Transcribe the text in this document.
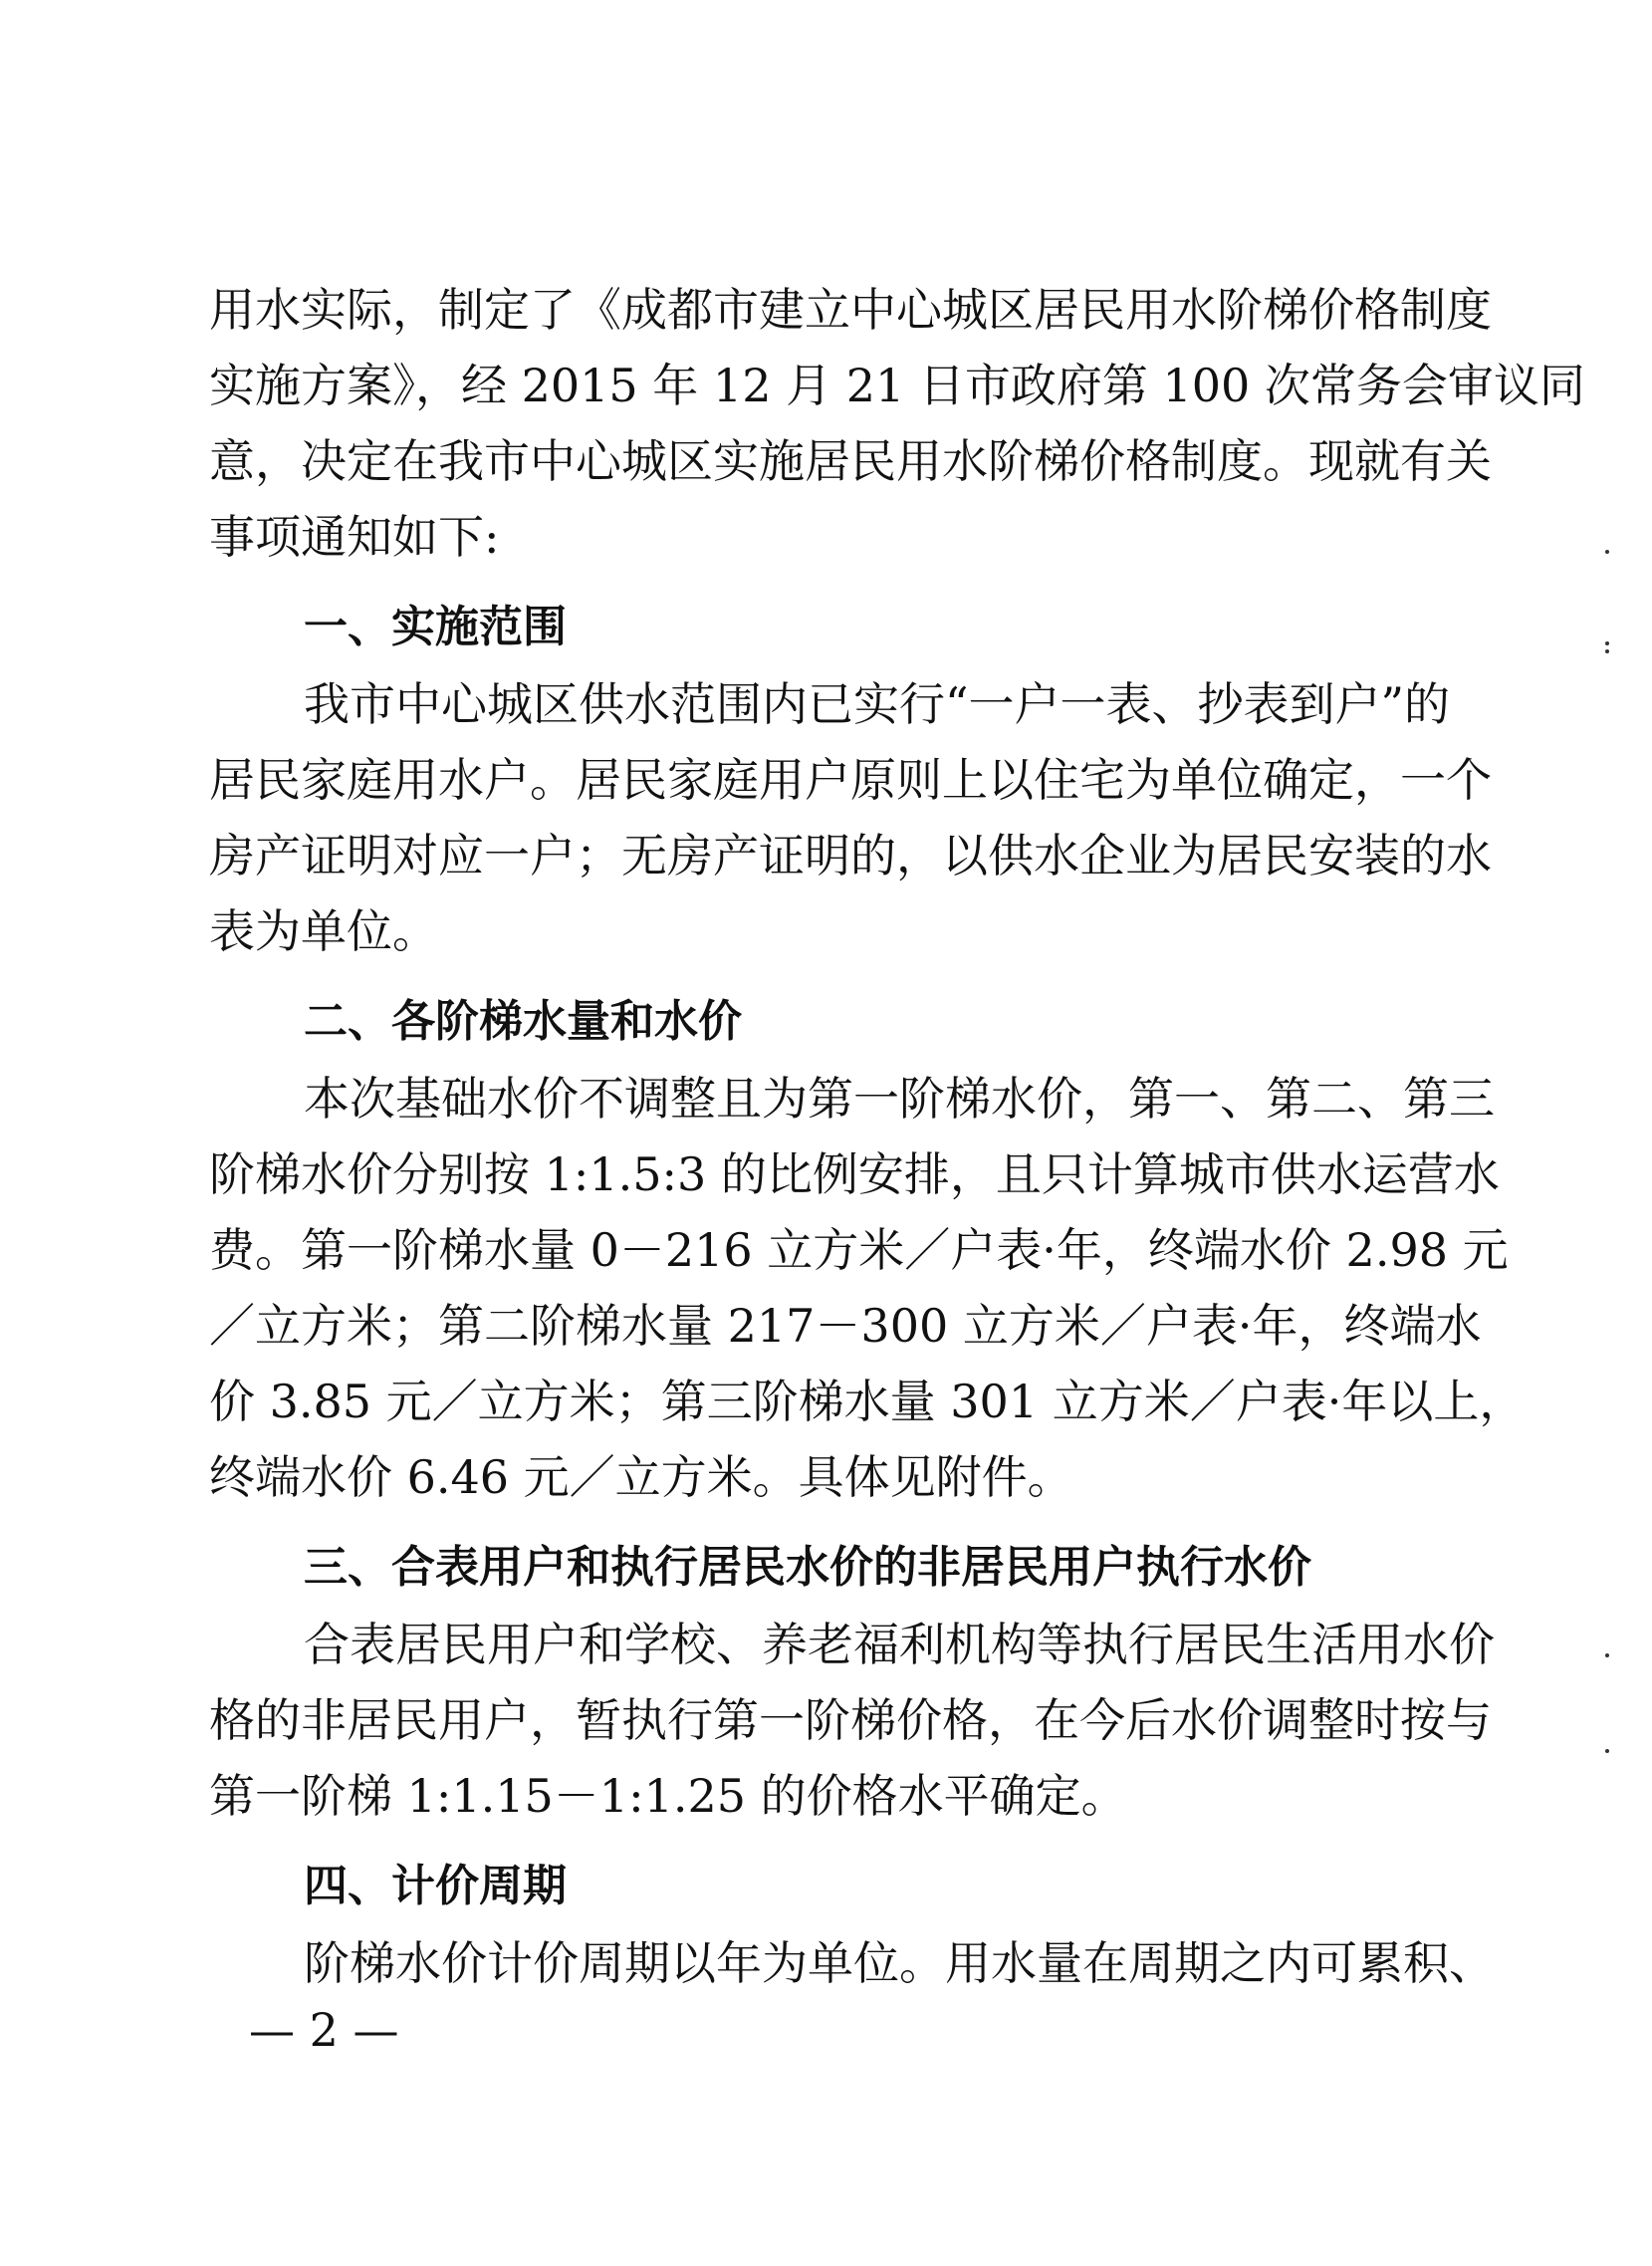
用水实际，制定了《成都市建立中心城区居民用水阶梯价格制度
实施方案》，经 2015 年 12 月 21 日市政府第 100 次常务会审议同
意，决定在我市中心城区实施居民用水阶梯价格制度。现就有关
事项通知如下:
一、实施范围
我市中心城区供水范围内已实行“一户一表、抄表到户”的
居民家庭用水户。居民家庭用户原则上以住宅为单位确定，一个
房产证明对应一户；无房产证明的，以供水企业为居民安装的水
表为单位。
二、各阶梯水量和水价
本次基础水价不调整且为第一阶梯水价，第一、第二、第三
阶梯水价分别按 1:1.5:3 的比例安排，且只计算城市供水运营水
费。第一阶梯水量 0－216 立方米／户表·年，终端水价 2.98 元
／立方米；第二阶梯水量 217－300 立方米／户表·年，终端水
价 3.85 元／立方米；第三阶梯水量 301 立方米／户表·年以上，
终端水价 6.46 元／立方米。具体见附件。
三、合表用户和执行居民水价的非居民用户执行水价
合表居民用户和学校、养老福利机构等执行居民生活用水价
格的非居民用户，暂执行第一阶梯价格，在今后水价调整时按与
第一阶梯 1:1.15－1:1.25 的价格水平确定。
四、计价周期
阶梯水价计价周期以年为单位。用水量在周期之内可累积、
— 2 —
